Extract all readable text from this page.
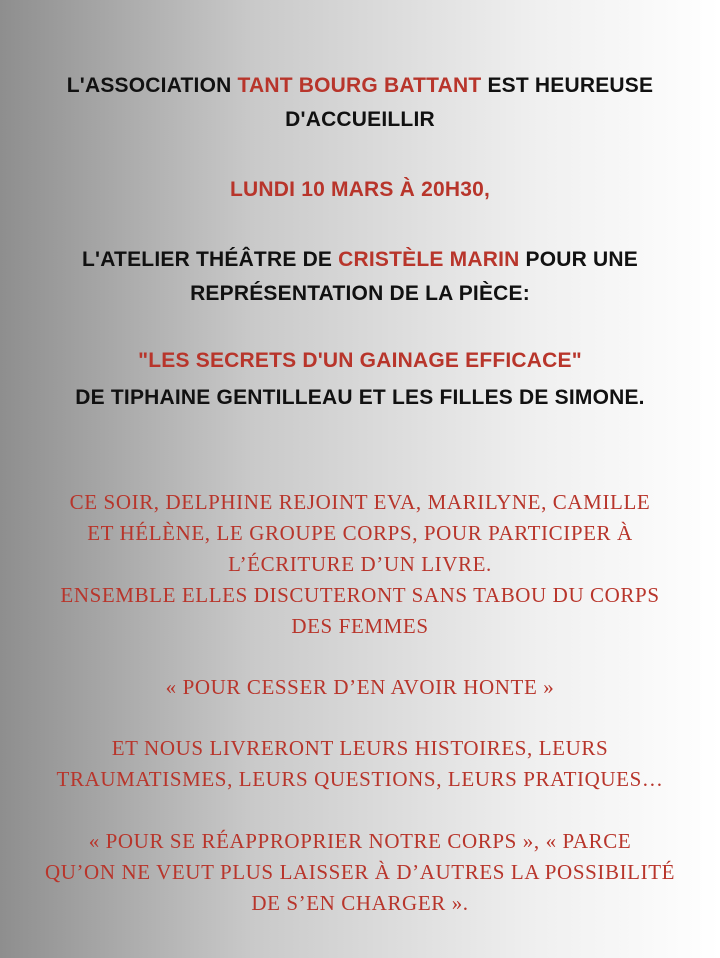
L'ASSOCIATION TANT BOURG BATTANT EST HEUREUSE
D'ACCUEILLIR
LUNDI 10 MARS À 20H30,
L'ATELIER THÉÂTRE DE CRISTÈLE MARIN POUR UNE
REPRÉSENTATION DE LA PIÈCE:
"LES SECRETS D'UN GAINAGE EFFICACE"
DE TIPHAINE GENTILLEAU ET LES FILLES DE SIMONE.
CE SOIR, DELPHINE REJOINT EVA, MARILYNE, CAMILLE
ET HÉLÈNE, LE GROUPE CORPS, POUR PARTICIPER À
L’ÉCRITURE D’UN LIVRE.
ENSEMBLE ELLES DISCUTERONT SANS TABOU DU CORPS
DES FEMMES
« POUR CESSER D’EN AVOIR HONTE »
ET NOUS LIVRERONT LEURS HISTOIRES, LEURS
TRAUMATISMES, LEURS QUESTIONS, LEURS PRATIQUES…
« POUR SE RÉAPPROPRIER NOTRE CORPS », « PARCE
QU’ON NE VEUT PLUS LAISSER À D’AUTRES LA POSSIBILITÉ
DE S’EN CHARGER ».
